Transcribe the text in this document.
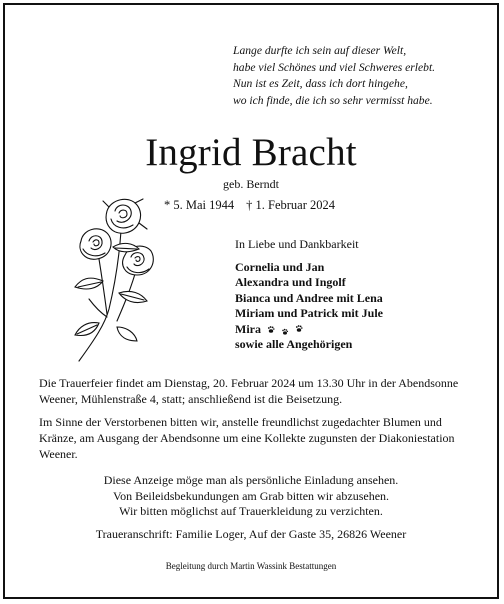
Lange durfte ich sein auf dieser Welt,
habe viel Schönes und viel Schweres erlebt.
Nun ist es Zeit, dass ich dort hingehe,
wo ich finde, die ich so sehr vermisst habe.
Ingrid Bracht
geb. Berndt
* 5. Mai 1944 † 1. Februar 2024
In Liebe und Dankbarkeit
Cornelia und Jan
Alexandra und Ingolf
Bianca und Andree mit Lena
Miriam und Patrick mit Jule
Mira
sowie alle Angehörigen
Die Trauerfeier findet am Dienstag, 20. Februar 2024 um 13.30 Uhr in der Abendsonne Weener, Mühlenstraße 4, statt; anschließend ist die Beisetzung.
Im Sinne der Verstorbenen bitten wir, anstelle freundlichst zugedachter Blumen und Kränze, am Ausgang der Abendsonne um eine Kollekte zugunsten der Diakoniestation Weener.
Diese Anzeige möge man als persönliche Einladung ansehen.
Von Beileidsbekundungen am Grab bitten wir abzusehen.
Wir bitten möglichst auf Trauerkleidung zu verzichten.
Traueranschrift: Familie Loger, Auf der Gaste 35, 26826 Weener
Begleitung durch Martin Wassink Bestattungen
